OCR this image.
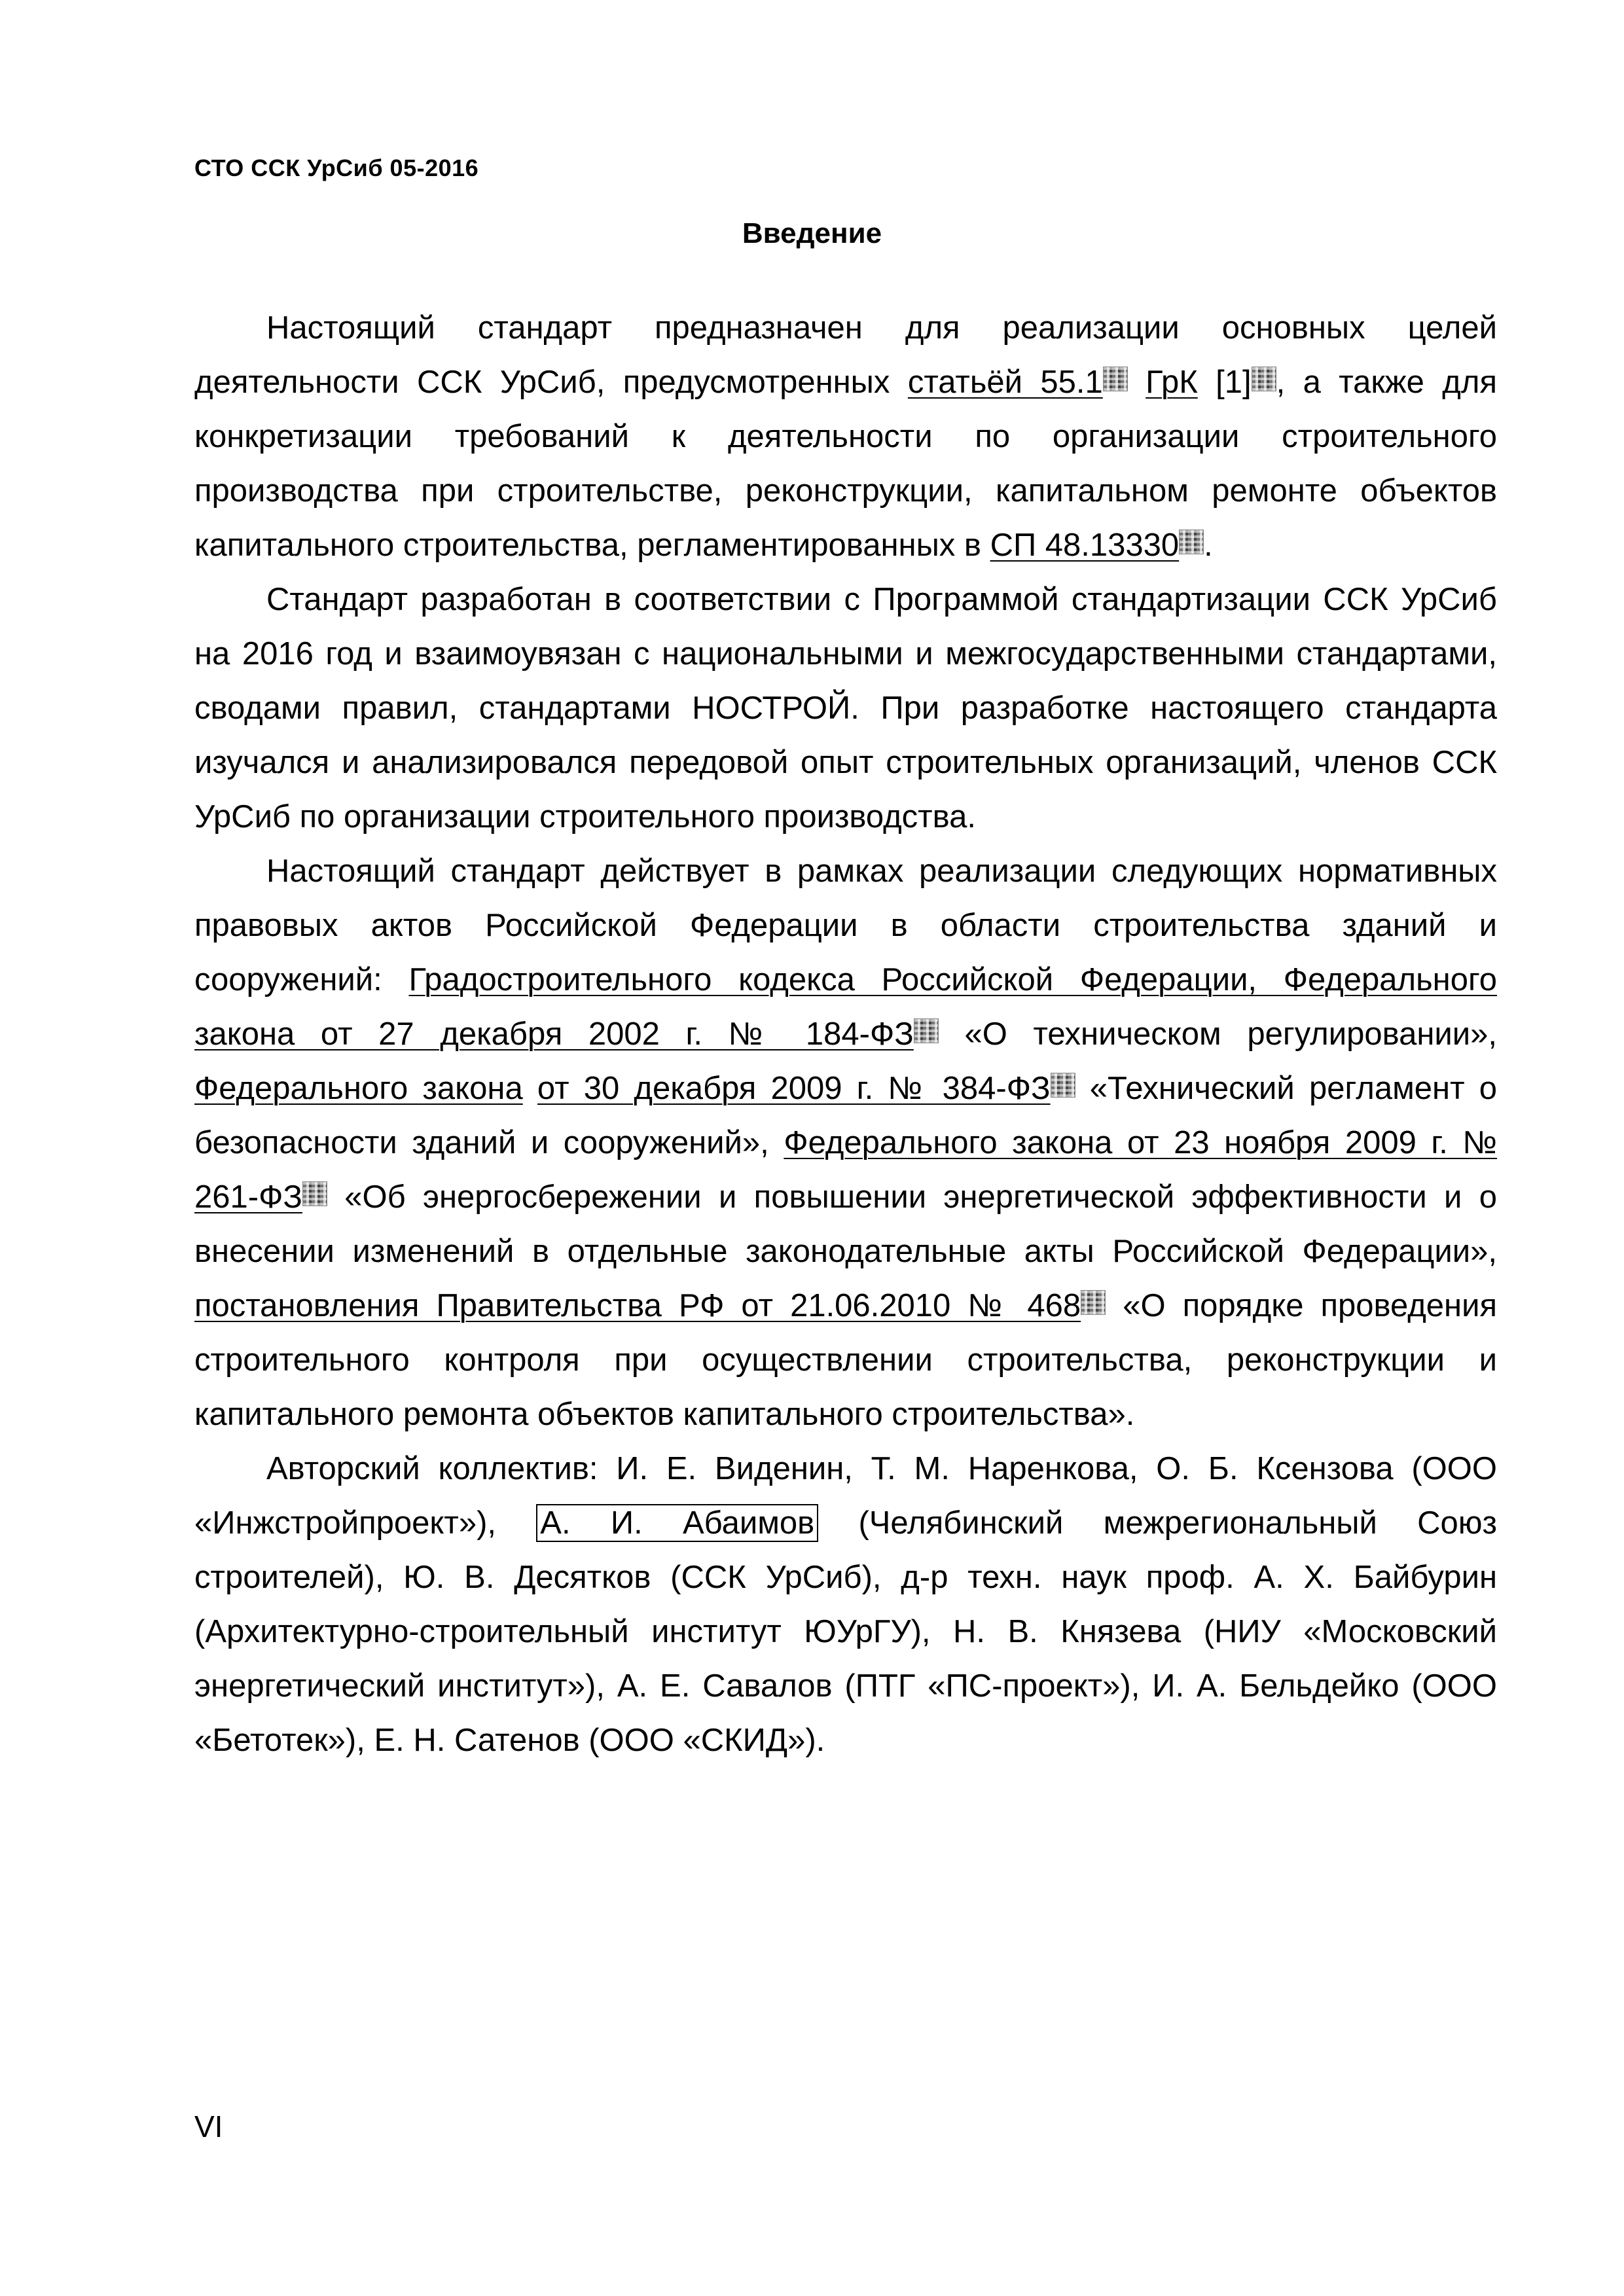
СТО ССК УрСиб 05-2016
Введение

Настоящий стандарт предназначен для реализации основных целей деятельности ССК УрСиб, предусмотренных статьёй 55.1 ГрК [1] , а также для конкретизации требований к деятельности по организации строительного производства при строительстве, реконструкции, капитальном ремонте объектов капитального строительства, регламентированных в СП 48.13330 .

Стандарт разработан в соответствии с Программой стандартизации ССК УрСиб на 2016 год и взаимоувязан с национальными и межгосударственными стандартами, сводами правил, стандартами НОСТРОЙ. При разработке настоящего стандарта изучался и анализировался передовой опыт строительных организаций, членов ССК УрСиб по организации строительного производства.

Настоящий стандарт действует в рамках реализации следующих нормативных правовых актов Российской Федерации в области строительства зданий и сооружений: Градостроительного кодекса Российской Федерации, Федерального закона от 27 декабря 2002 г. № 184-ФЗ «О техническом регулировании», Федерального закона от 30 декабря 2009 г. № 384-ФЗ «Технический регламент о безопасности зданий и сооружений», Федерального закона от 23 ноября 2009 г. № 261-ФЗ «Об энергосбережении и повышении энергетической эффективности и о внесении изменений в отдельные законодательные акты Российской Федерации», постановления Правительства РФ от 21.06.2010 № 468 «О порядке проведения строительного контроля при осуществлении строительства, реконструкции и капитального ремонта объектов капитального строительства».

Авторский коллектив: И. Е. Виденин, Т. М. Наренкова, О. Б. Ксензова (ООО «Инжстройпроект»), А. И. Абаимов (Челябинский межрегиональный Союз строителей), Ю. В. Десятков (ССК УрСиб), д-р техн. наук проф. А. Х. Байбурин (Архитектурно-строительный институт ЮУрГУ), Н. В. Князева (НИУ «Московский энергетический институт»), А. Е. Савалов (ПТГ «ПС-проект»), И. А. Бельдейко (ООО «Бетотек»), Е. Н. Сатенов (ООО «СКИД»).

VI
